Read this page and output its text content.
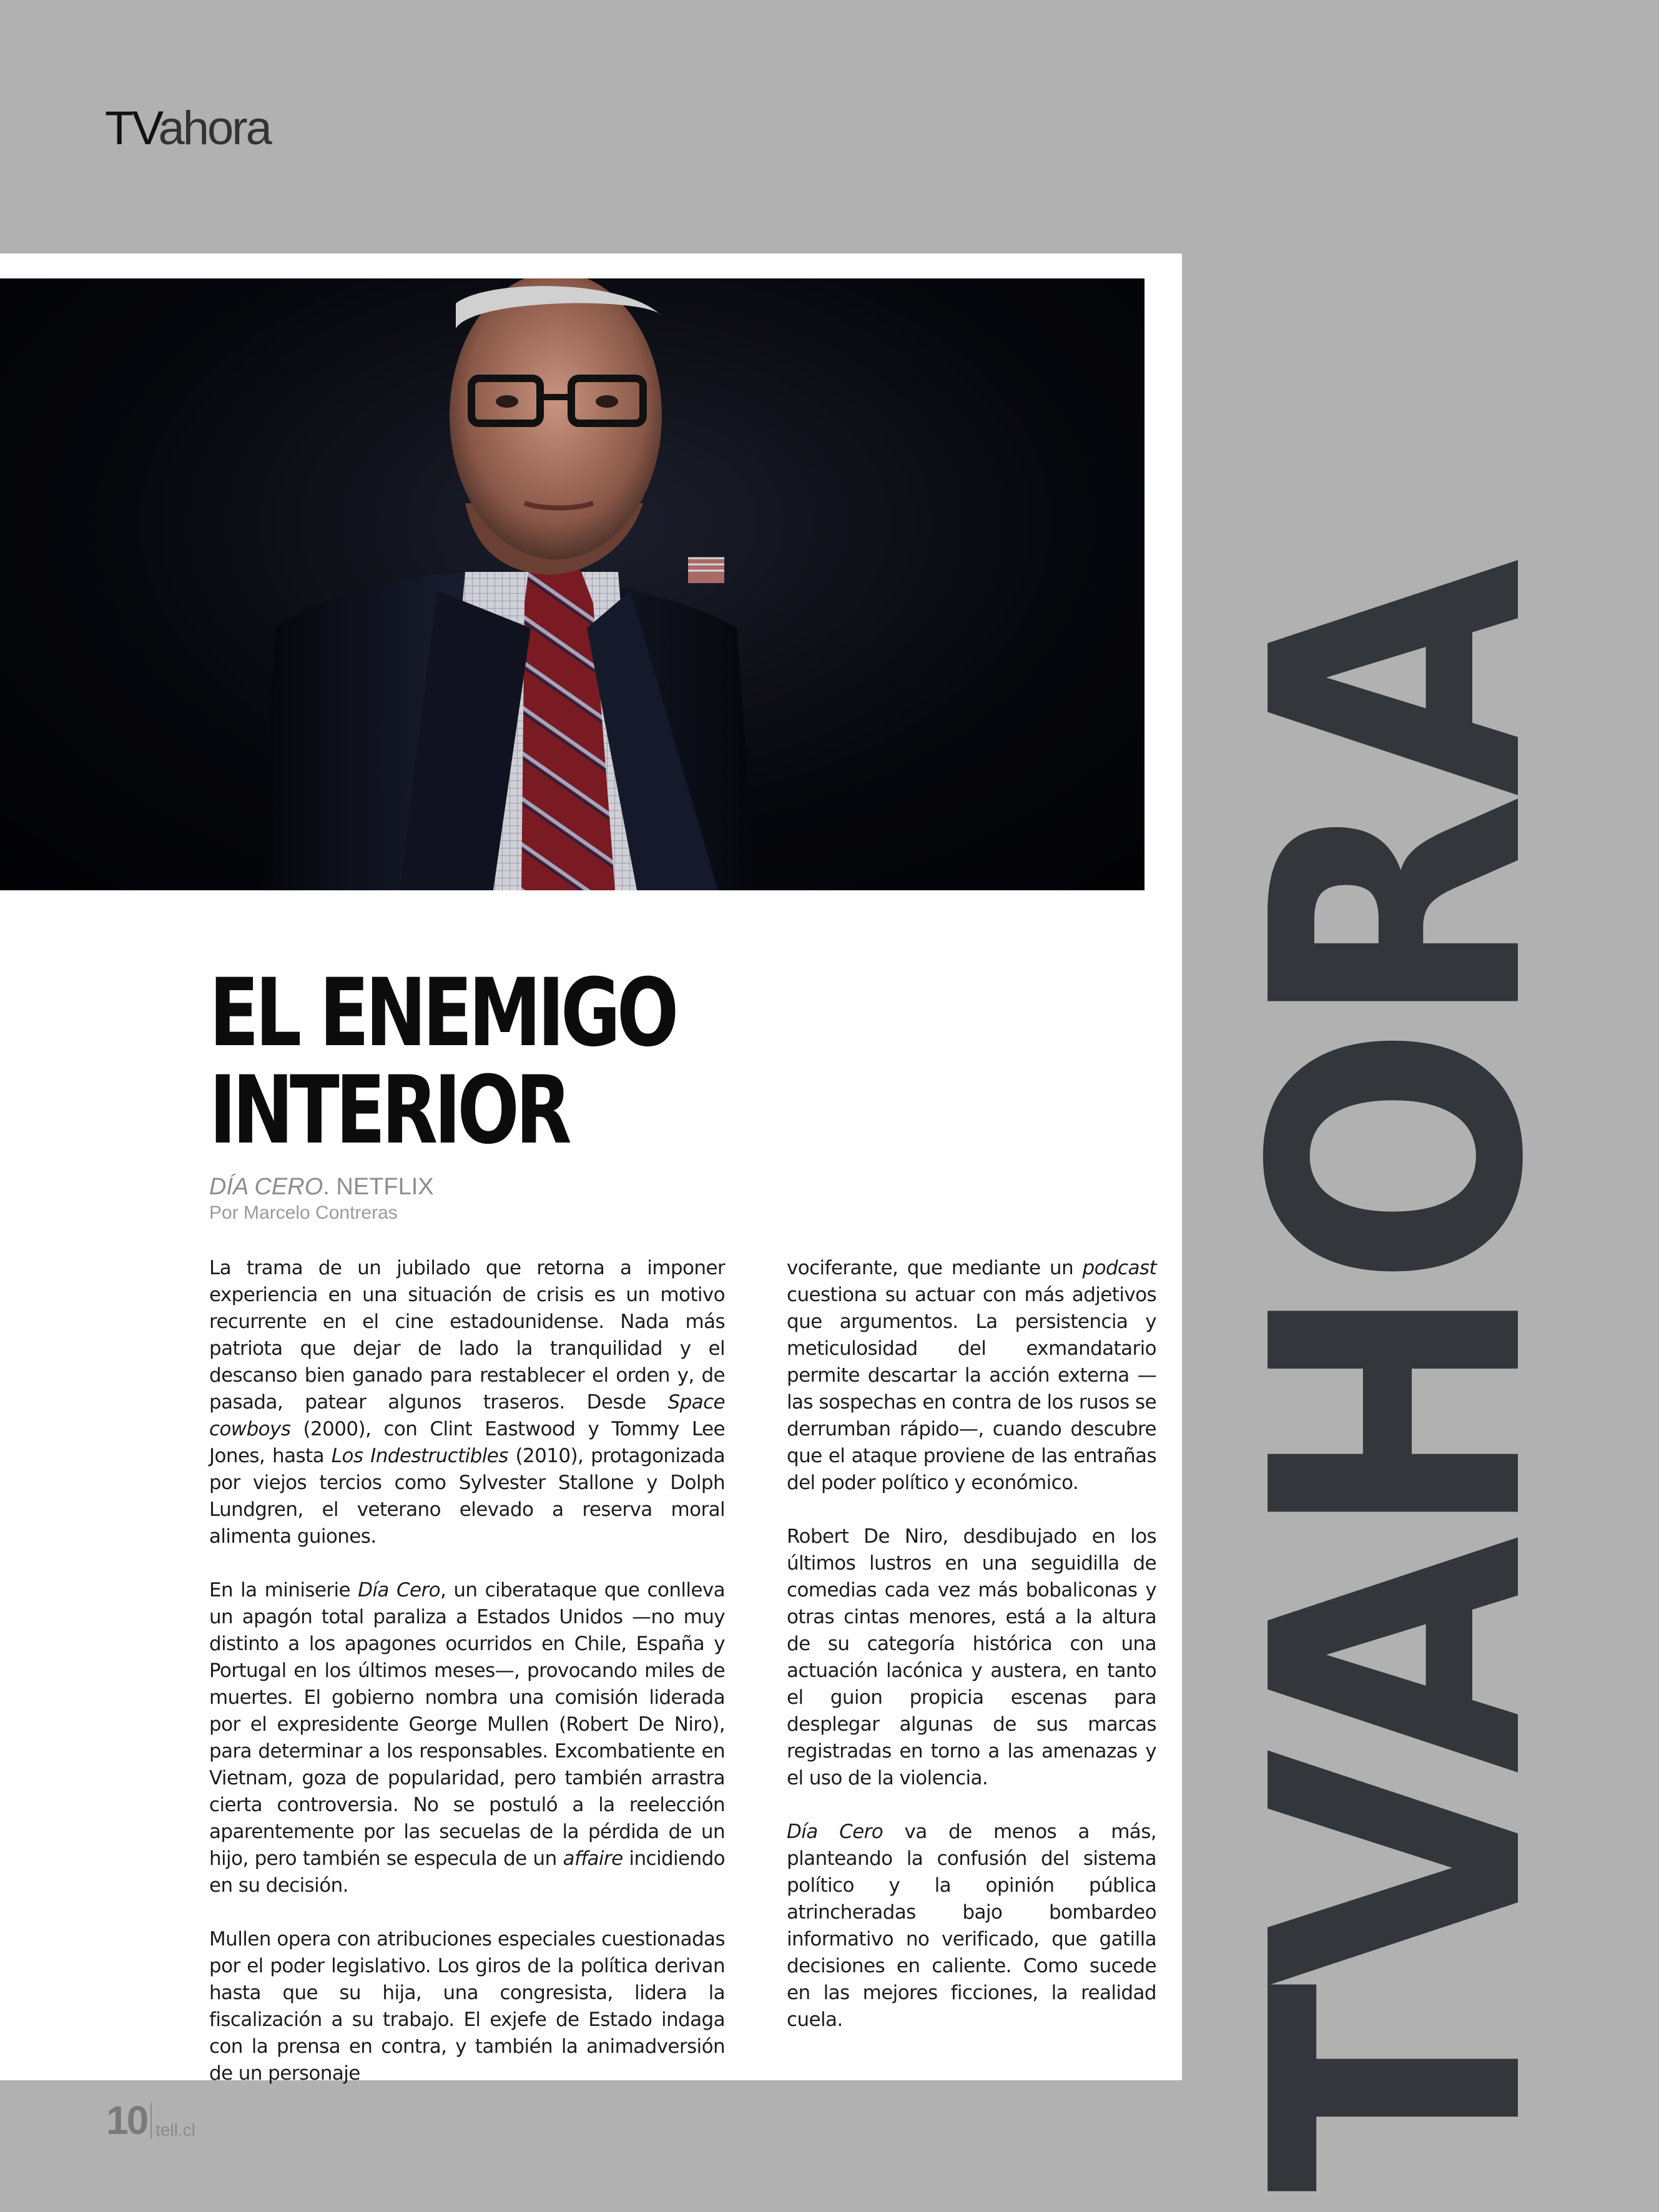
TVahora
TVAHORA
EL ENEMIGO
INTERIOR
DÍA CERO. NETFLIX
Por Marcelo Contreras

La trama de un jubilado que retorna a imponer experiencia en una situación de crisis es un motivo recurrente en el cine estadounidense. Nada más patriota que dejar de lado la tranquilidad y el descanso bien ganado para restablecer el orden y, de pasada, patear algunos traseros. Desde Space cowboys (2000), con Clint Eastwood y Tommy Lee Jones, hasta Los Indestructibles (2010), protagonizada por viejos tercios como Sylvester Stallone y Dolph Lundgren, el veterano elevado a reserva moral alimenta guiones.

En la miniserie Día Cero, un ciberataque que conlleva un apagón total paraliza a Estados Unidos —no muy distinto a los apagones ocurridos en Chile, España y Portugal en los últimos meses—, provocando miles de muertes. El gobierno nombra una comisión liderada por el expresidente George Mullen (Robert De Niro), para determinar a los responsables. Excombatiente en Vietnam, goza de popularidad, pero también arrastra cierta controversia. No se postuló a la reelección aparentemente por las secuelas de la pérdida de un hijo, pero también se especula de un affaire incidiendo en su decisión.

Mullen opera con atribuciones especiales cuestionadas por el poder legislativo. Los giros de la política derivan hasta que su hija, una congresista, lidera la fiscalización a su trabajo. El exjefe de Estado indaga con la prensa en contra, y también la animadversión de un personaje

vociferante, que mediante un podcast cuestiona su actuar con más adjetivos que argumentos. La persistencia y meticulosidad del exmandatario permite descartar la acción externa —las sospechas en contra de los rusos se derrumban rápido—, cuando descubre que el ataque proviene de las entrañas del poder político y económico.

Robert De Niro, desdibujado en los últimos lustros en una seguidilla de comedias cada vez más bobaliconas y otras cintas menores, está a la altura de su categoría histórica con una actuación lacónica y austera, en tanto el guion propicia escenas para desplegar algunas de sus marcas registradas en torno a las amenazas y el uso de la violencia.

Día Cero va de menos a más, planteando la confusión del sistema político y la opinión pública atrincheradas bajo bombardeo informativo no verificado, que gatilla decisiones en caliente. Como sucede en las mejores ficciones, la realidad cuela.

10 tell.cl
